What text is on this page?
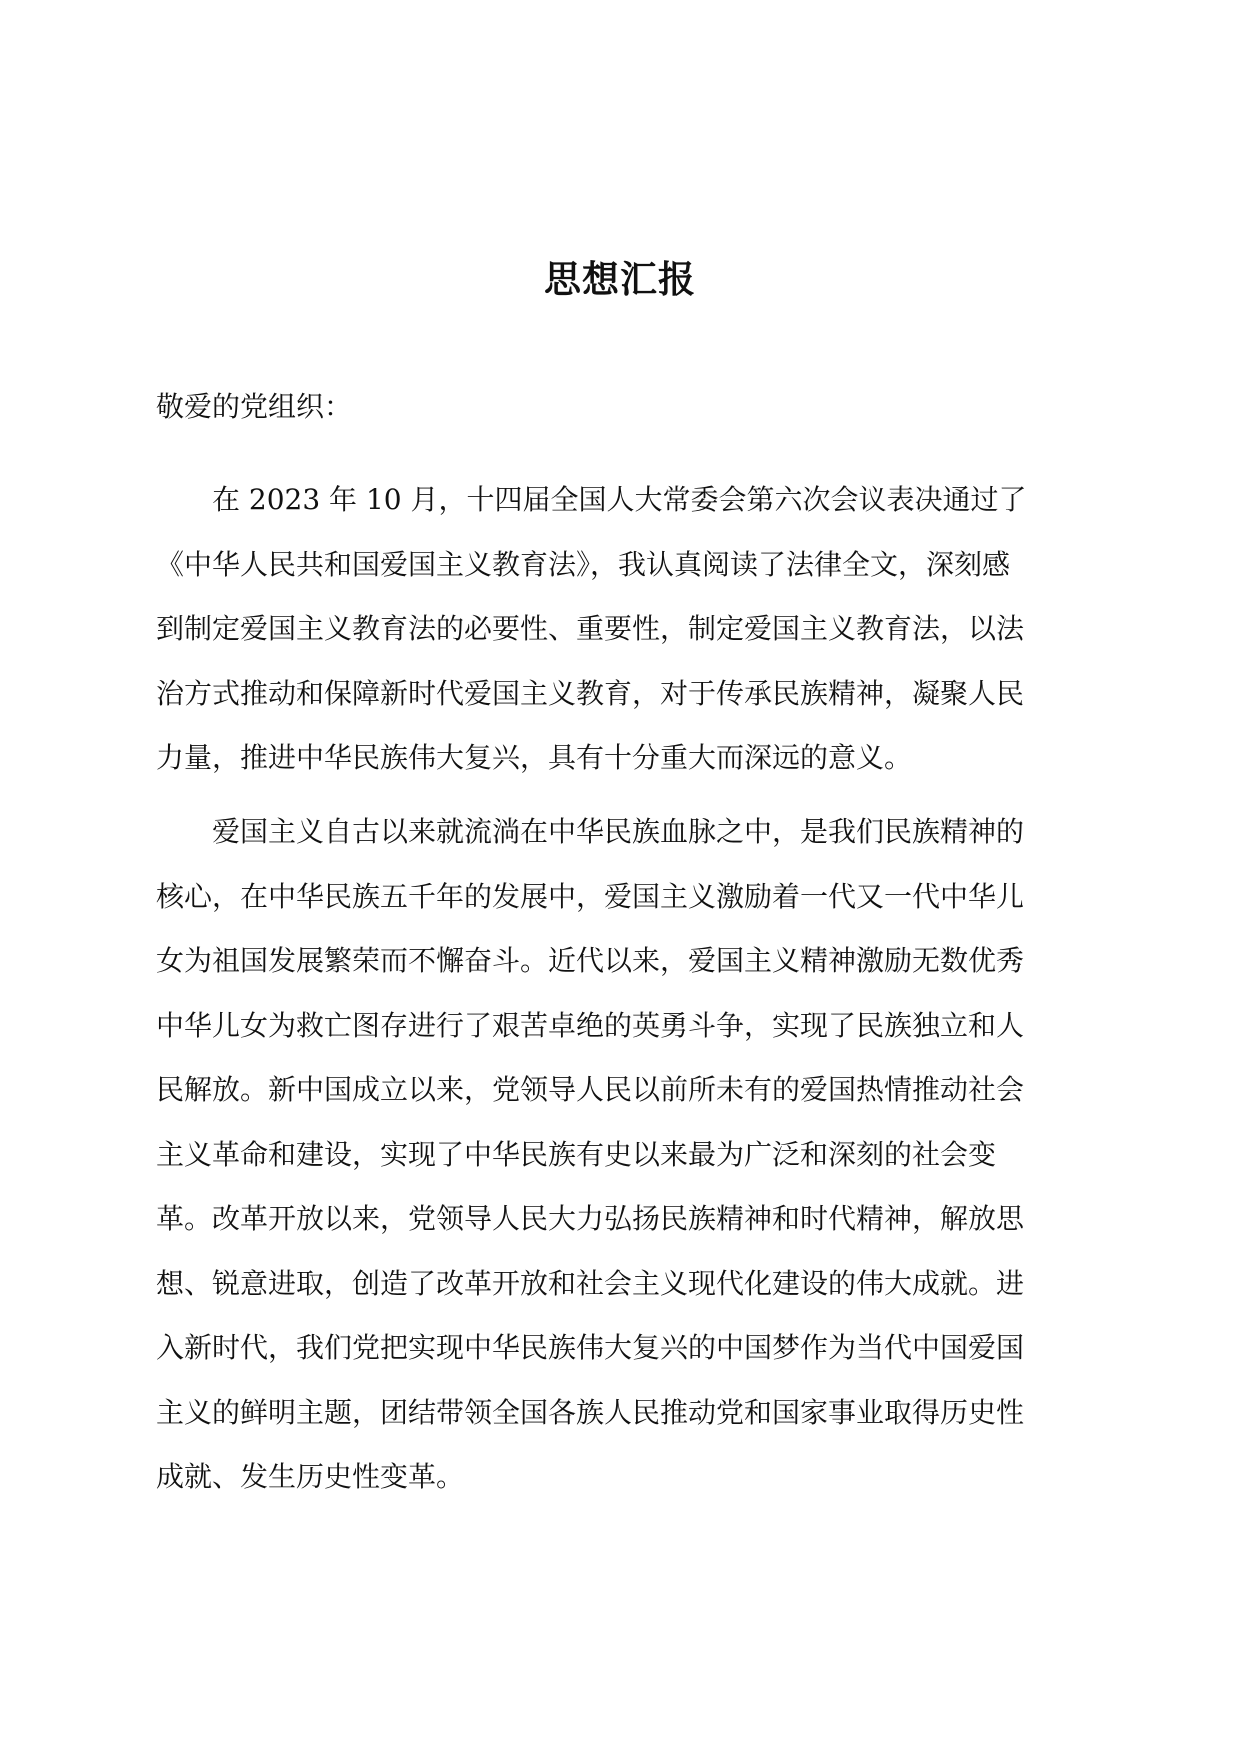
思想汇报

敬爱的党组织：

在 2023 年 10 月，十四届全国人大常委会第六次会议表决通过了
《中华人民共和国爱国主义教育法》，我认真阅读了法律全文，深刻感
到制定爱国主义教育法的必要性、重要性，制定爱国主义教育法，以法
治方式推动和保障新时代爱国主义教育，对于传承民族精神，凝聚人民
力量，推进中华民族伟大复兴，具有十分重大而深远的意义。
爱国主义自古以来就流淌在中华民族血脉之中，是我们民族精神的
核心，在中华民族五千年的发展中，爱国主义激励着一代又一代中华儿
女为祖国发展繁荣而不懈奋斗。近代以来，爱国主义精神激励无数优秀
中华儿女为救亡图存进行了艰苦卓绝的英勇斗争，实现了民族独立和人
民解放。新中国成立以来，党领导人民以前所未有的爱国热情推动社会
主义革命和建设，实现了中华民族有史以来最为广泛和深刻的社会变
革。改革开放以来，党领导人民大力弘扬民族精神和时代精神，解放思
想、锐意进取，创造了改革开放和社会主义现代化建设的伟大成就。进
入新时代，我们党把实现中华民族伟大复兴的中国梦作为当代中国爱国
主义的鲜明主题，团结带领全国各族人民推动党和国家事业取得历史性
成就、发生历史性变革。
